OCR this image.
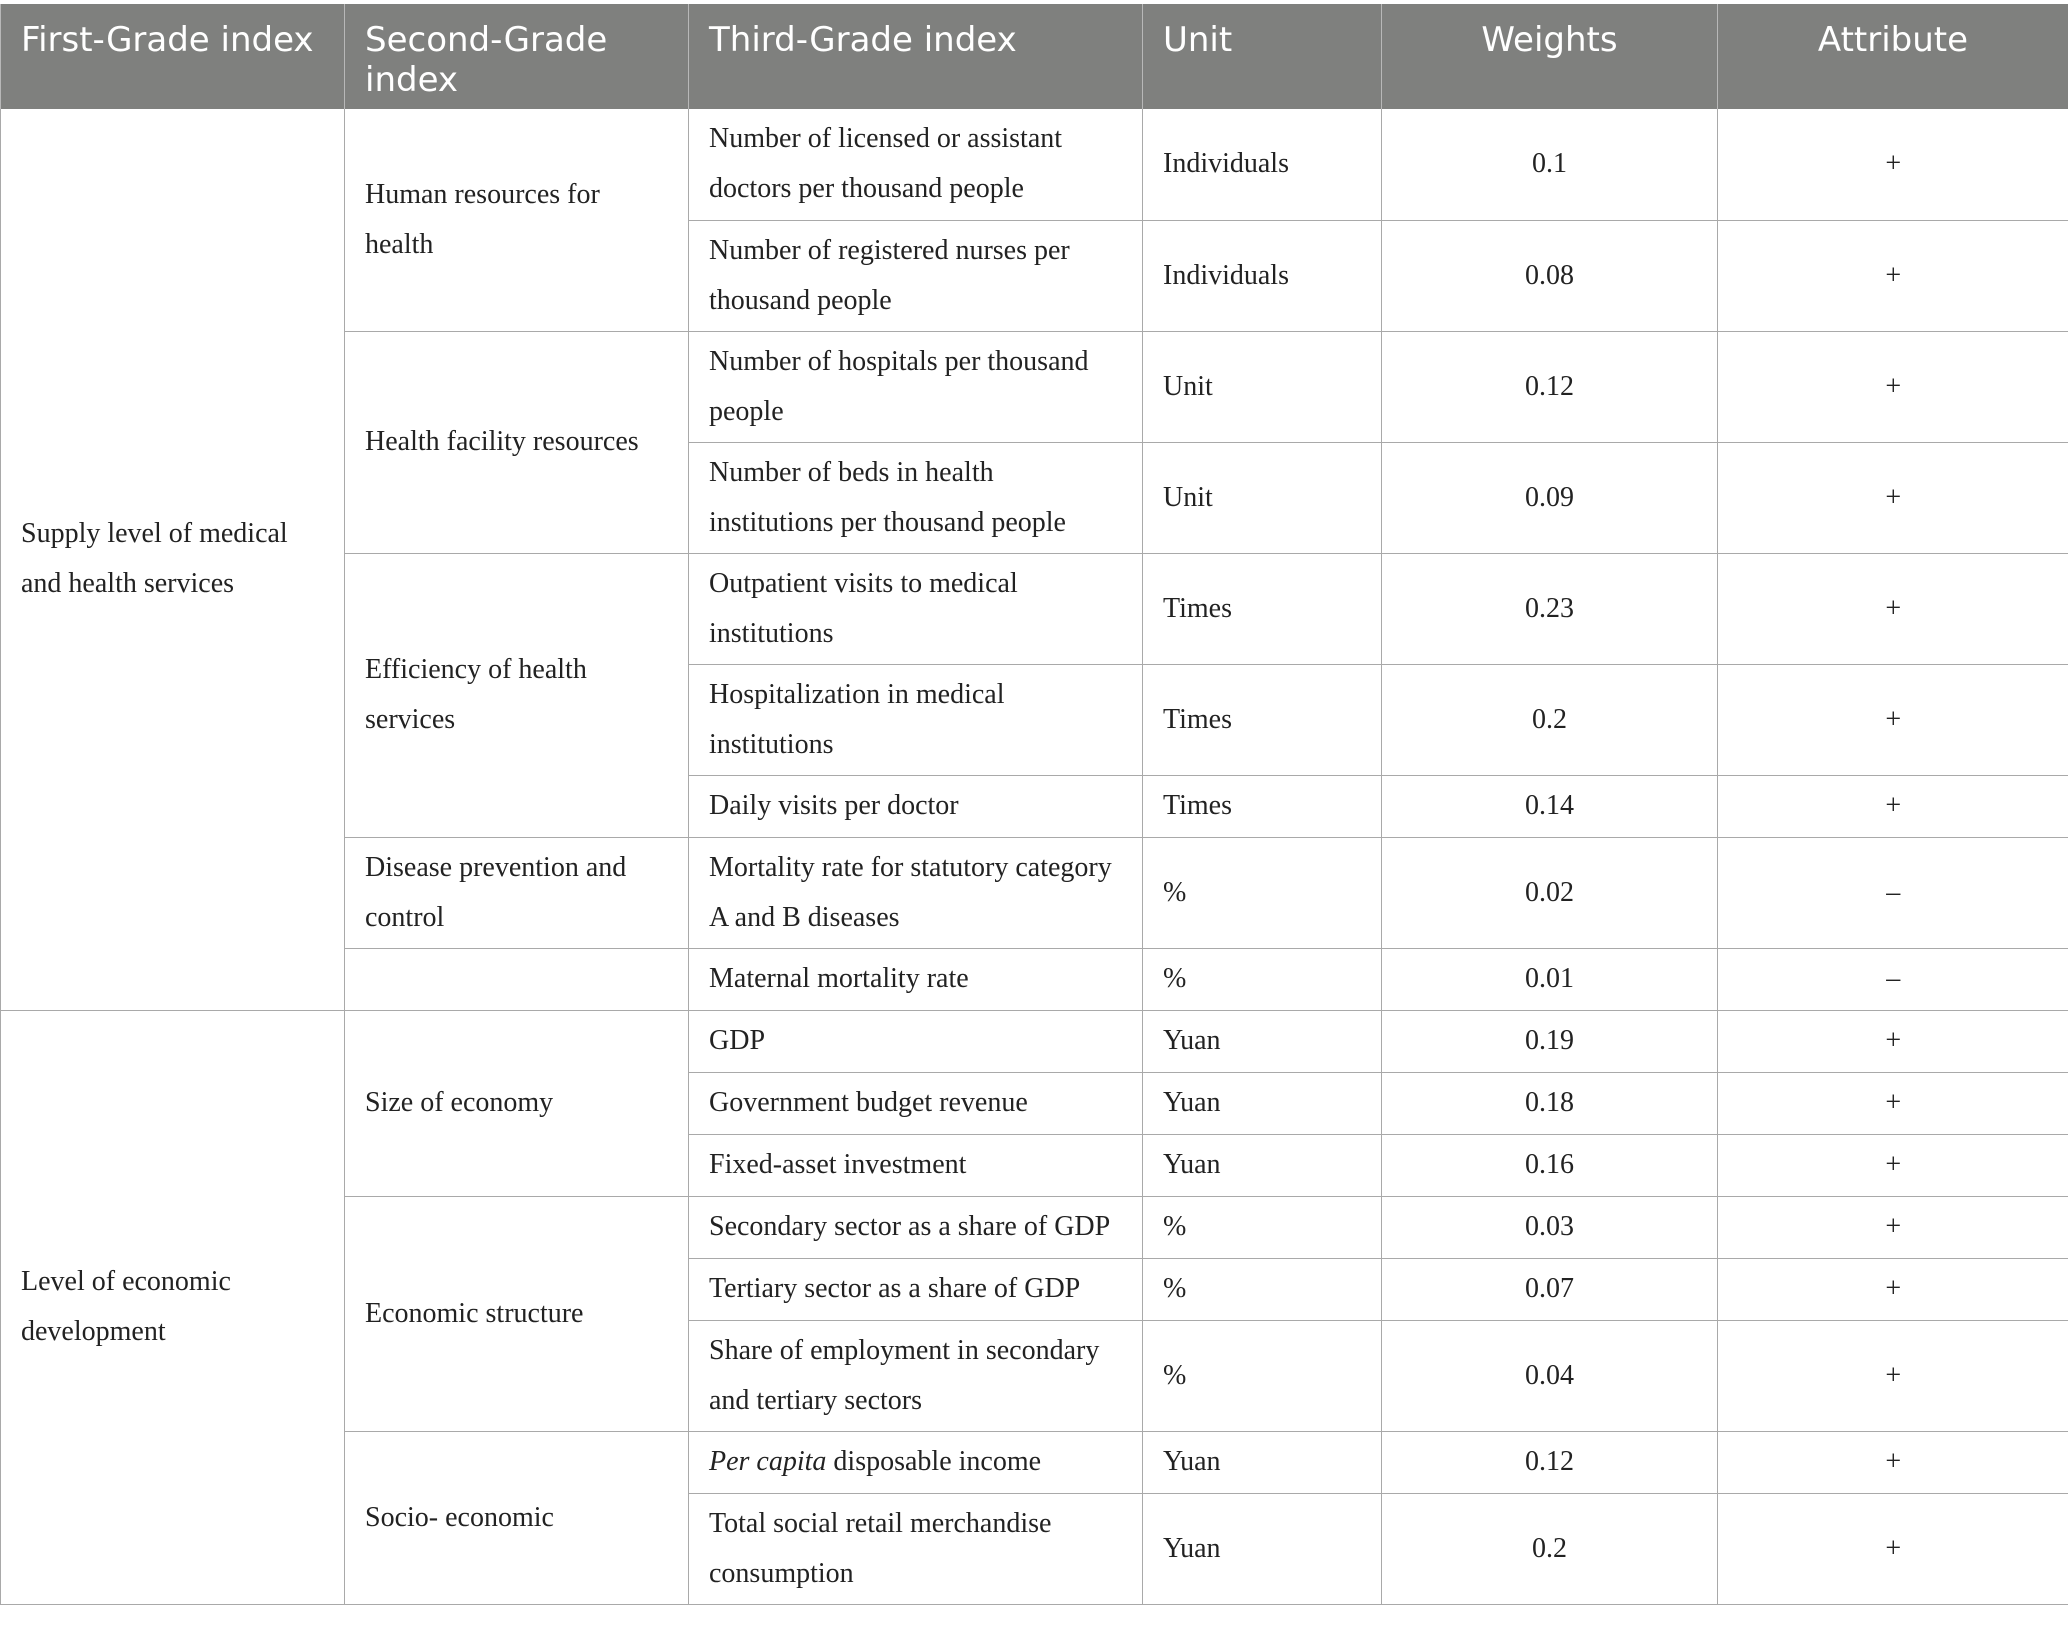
First-Grade index	Second-Grade index	Third-Grade index	Unit	Weights	Attribute
Supply level of medical and health services	Human resources for health	Number of licensed or assistant doctors per thousand people	Individuals	0.1	+
		Number of registered nurses per thousand people	Individuals	0.08	+
	Health facility resources	Number of hospitals per thousand people	Unit	0.12	+
		Number of beds in health institutions per thousand people	Unit	0.09	+
	Efficiency of health services	Outpatient visits to medical institutions	Times	0.23	+
		Hospitalization in medical institutions	Times	0.2	+
		Daily visits per doctor	Times	0.14	+
	Disease prevention and control	Mortality rate for statutory category A and B diseases	%	0.02	–
		Maternal mortality rate	%	0.01	–
Level of economic development	Size of economy	GDP	Yuan	0.19	+
		Government budget revenue	Yuan	0.18	+
		Fixed-asset investment	Yuan	0.16	+
	Economic structure	Secondary sector as a share of GDP	%	0.03	+
		Tertiary sector as a share of GDP	%	0.07	+
		Share of employment in secondary and tertiary sectors	%	0.04	+
	Socio- economic	Per capita disposable income	Yuan	0.12	+
		Total social retail merchandise consumption	Yuan	0.2	+
